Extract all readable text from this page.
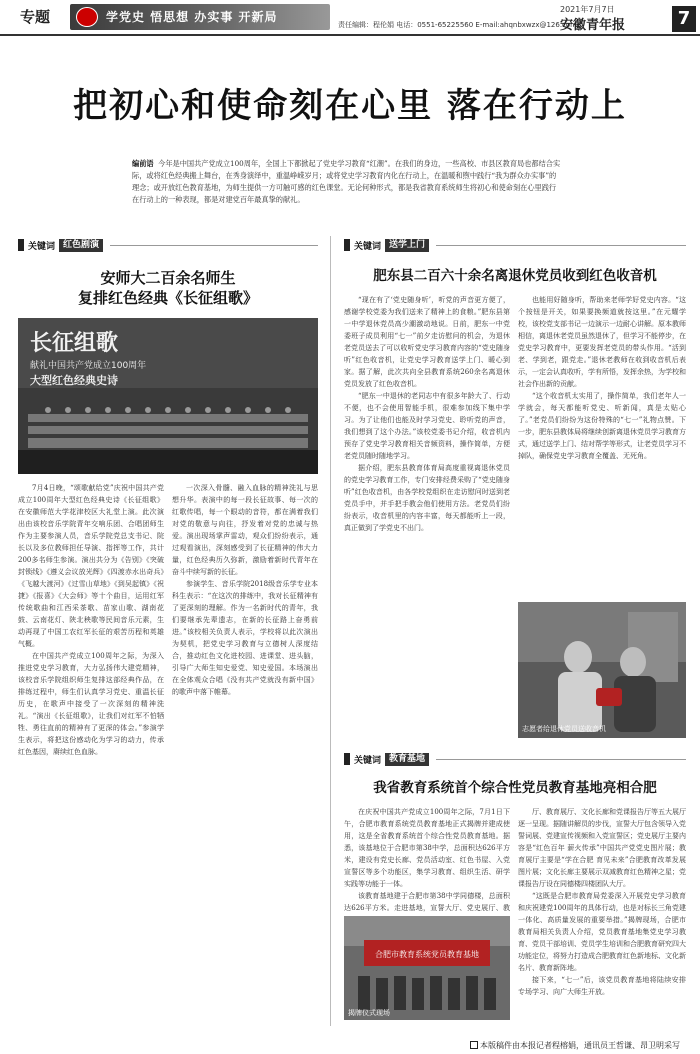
专题	学党史 悟思想 办实事 开新局
责任编辑：程伦娟 电话：0551-65225560 E-mail:ahqnbxwzx@126.com
2021年7月7日
安徽青年报	7
把初心和使命刻在心里 落在行动上
编前语 今年是中国共产党成立100周年，全国上下都掀起了党史学习教育“红潮”。在我们的身边，一些高校、市县区教育局也都结合实际，或将红色经典搬上舞台，在秀身演绎中，重温峥嵘岁月；或将党史学习教育内化在行动上，在温暖和煦中践行“我为群众办实事”的理念；或开放红色教育基地，为师生提供一方可触可感的红色课堂。无论何种形式，都是我省教育系统师生将初心和使命刻在心里践行在行动上的一种表现，都是对建党百年最真挚的献礼。
关键词 红色剧演
安师大二百余名师生
复排红色经典《长征组歌》
长征组歌
献礼中国共产党成立100周年
大型红色经典史诗

7月4日晚，“颂歌献给党”庆祝中国共产党成立100周年大型红色经典史诗《长征组歌》在安徽师范大学花津校区大礼堂上演。此次演出由该校音乐学院青年交响乐团、合唱团师生作为主要参演人员，音乐学院党总支书记、院长以及多位教师担任导演、指挥等工作，共计200多名师生参演。演出共分为《告别》《突破封锁线》《遵义会议放光辉》《四渡赤水出奇兵》《飞越大渡河》《过雪山草地》《到吴起镇》《祝捷》《报喜》《大会师》等十个曲目，运用红军传统歌曲和江西采茶歌、苗家山歌、湖南花鼓、云南花灯、陕北秧歌等民间音乐元素，生动再现了中国工农红军长征的艰苦历程和英雄气概。

在中国共产党成立100周年之际，为深入推进党史学习教育，大力弘扬伟大建党精神，该校音乐学院组织师生复排这部经典作品，在排练过程中，师生们认真学习党史、重温长征历史，在歌声中接受了一次深刻的精神洗礼。“演出《长征组歌》，让我们对红军不怕牺牲、勇往直前的精神有了更深的体会。”参演学生表示，将把这份感动化为学习的动力，传承红色基因，赓续红色血脉。

一次深入骨髓、融入血脉的精神洗礼与思想升华。表演中的每一段长征故事、每一次的红歌传唱，每一个眼动的音符，都在满着我们对党的敬意与向往，抒发着对党的忠诚与热爱。演出现场掌声雷动，观众们纷纷表示，通过观看演出，深刻感受到了长征精神的伟大力量，红色经典历久弥新，激励着新时代青年在奋斗中续写新的长征。

参演学生、音乐学院2018级音乐学专业本科生表示：“在这次的排练中，我对长征精神有了更深刻的理解。作为一名新时代的青年，我们要继承先辈遗志，在新的长征路上奋勇前进。”该校相关负责人表示，学校将以此次演出为契机，把党史学习教育与立德树人深度结合，推动红色文化进校园、进课堂、进头脑，引导广大师生知史爱党、知史爱国。本场演出在全体观众合唱《没有共产党就没有新中国》的歌声中落下帷幕。

关键词 送学上门
肥东县二百六十余名离退休党员收到红色收音机

“现在有了‘党史随身听’，听党的声音更方便了，感谢学校党委为我们送来了精神上的食粮。”肥东县第一中学退休党员高少潮激动地说。日前，肥东一中党委班子成员利用“七一”前夕走访慰问的机会，为退休老党员送去了可以收听党史学习教育内容的“党史随身听”红色收音机，让党史学习教育送学上门、暖心到家。据了解，此次共向全县教育系统260余名离退休党员发放了红色收音机。

“肥东一中退休的老同志中有很多年龄大了、行动不便，也不会使用智能手机，很难参加线下集中学习。为了让他们也能及时学习党史、聆听党的声音，我们想到了这个办法。”该校党委书记介绍，收音机内预存了党史学习教育相关音频资料，操作简单，方便老党员随时随地学习。

据介绍，肥东县教育体育局高度重视离退休党员的党史学习教育工作，专门安排经费采购了“党史随身听”红色收音机，由各学校党组织在走访慰问时送到老党员手中，并手把手教会他们使用方法。老党员们纷纷表示，收音机里的内容丰富，每天都能听上一段，真正做到了学党史不出门。

也能用好随身听，帮助来老师学好党史内容。“这个按钮是开关，如果要换频道就按这里。”在元耀学校，该校党支部书记一边演示一边耐心讲解。原本教师相信，离退休老党员虽然退休了，但学习不能停步，在党史学习教育中，更要发挥老党员的带头作用。“活到老、学到老，跟党走。”退休老教师在收到收音机后表示，一定会认真收听，学有所悟，发挥余热，为学校和社会作出新的贡献。

“这个收音机太实用了，操作简单，我们老年人一学就会，每天都能听党史、听新闻，真是太贴心了。”老党员们纷纷为这份特殊的“七一”礼物点赞。下一步，肥东县教体局将继续创新离退休党员学习教育方式，通过送学上门、结对帮学等形式，让老党员学习不掉队，确保党史学习教育全覆盖、无死角。

志愿者给退休党员送收音机
关键词 教育基地
我省教育系统首个综合性党员教育基地亮相合肥

在庆祝中国共产党成立100周年之际，7月1日下午，合肥市教育系统党员教育基地正式揭牌并建成使用，这是全省教育系统首个综合性党员教育基地。据悉，该基地位于合肥市第38中学，总面积达626平方米，建设有党史长廊、党员活动室、红色书屋、入党宣誓区等多个功能区，集学习教育、组织生活、研学实践等功能于一体。

该教育基地建于合肥市第38中学同德楼，总面积达626平方米。走进基地，宣誓大厅、党史展厅、教

合肥市教育系统党员教育基地
揭牌仪式现场

厅、教育展厅、文化长廊和党课报告厅等五大展厅逐一呈现。据随讲解员的步伐，宣誓大厅包含领导入党誓词展、党建宣传视频和入党宣誓区；党史展厅主要内容是“红色百年 薪火传承”中国共产党党史图片展；教育展厅主要是“学在合肥 育见未来”合肥教育改革发展图片展；文化长廊主要展示双减教育红色精神之星；党课报告厅设在同德楼四楼团队大厅。

“这既是合肥市教育局党委深入开展党史学习教育和庆祝建党100周年的具体行动，也是对标长三角党建一体化、高质量发展的重要举措。”揭牌现场，合肥市教育局相关负责人介绍，党员教育基地集党史学习教育、党员干部培训、党员学生培训和合肥教育研究四大功能定位，将努力打造成合肥教育红色新地标、文化新名片、教育新阵地。

接下来，“七一”后，该党员教育基地将陆续安排专场学习、向广大师生开放。

本版稿件由本报记者程榕娟，通讯员王哲谦、昂卫明采写
